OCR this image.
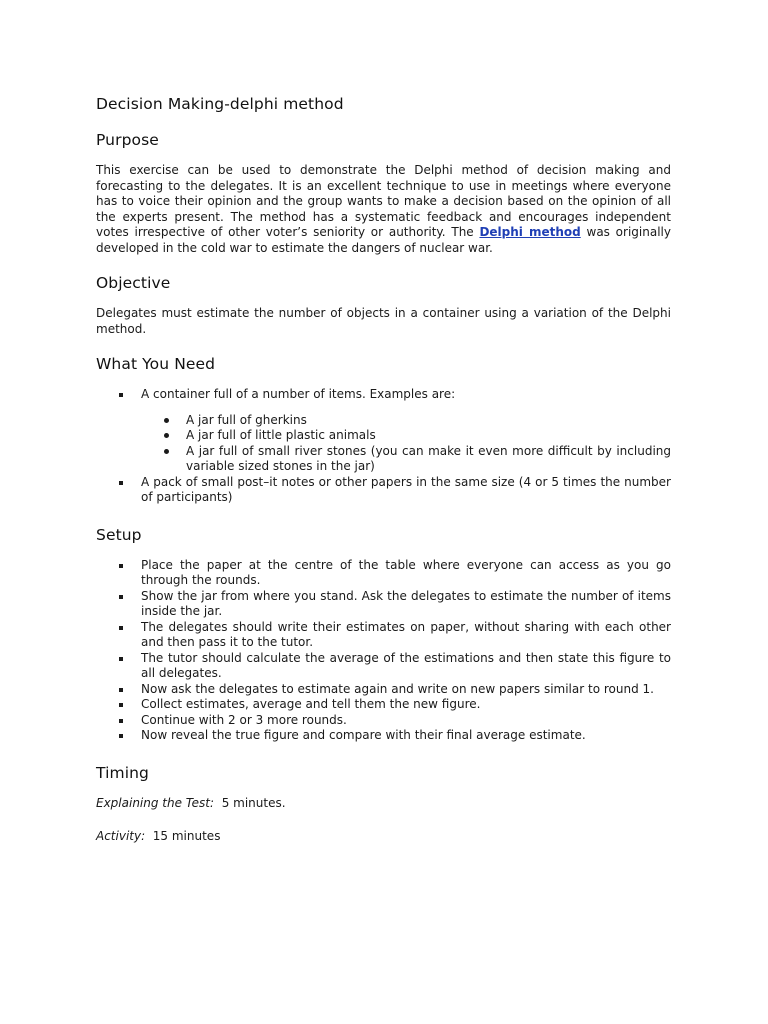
Decision Making-delphi method
Purpose

This exercise can be used to demonstrate the Delphi method of decision making and forecasting to the delegates. It is an excellent technique to use in meetings where everyone has to voice their opinion and the group wants to make a decision based on the opinion of all the experts present. The method has a systematic feedback and encourages independent votes irrespective of other voter’s seniority or authority. The Delphi method was originally developed in the cold war to estimate the dangers of nuclear war.

Objective

Delegates must estimate the number of objects in a container using a variation of the Delphi method.

What You Need
A container full of a number of items. Examples are:
A jar full of gherkins
A jar full of little plastic animals
A jar full of small river stones (you can make it even more difficult by including variable sized stones in the jar)
A pack of small post–it notes or other papers in the same size (4 or 5 times the number of participants)
Setup
Place the paper at the centre of the table where everyone can access as you go through the rounds.
Show the jar from where you stand. Ask the delegates to estimate the number of items inside the jar.
The delegates should write their estimates on paper, without sharing with each other and then pass it to the tutor.
The tutor should calculate the average of the estimations and then state this figure to all delegates.
Now ask the delegates to estimate again and write on new papers similar to round 1.
Collect estimates, average and tell them the new figure.
Continue with 2 or 3 more rounds.
Now reveal the true figure and compare with their final average estimate.
Timing

Explaining the Test: 5 minutes.

Activity: 15 minutes
